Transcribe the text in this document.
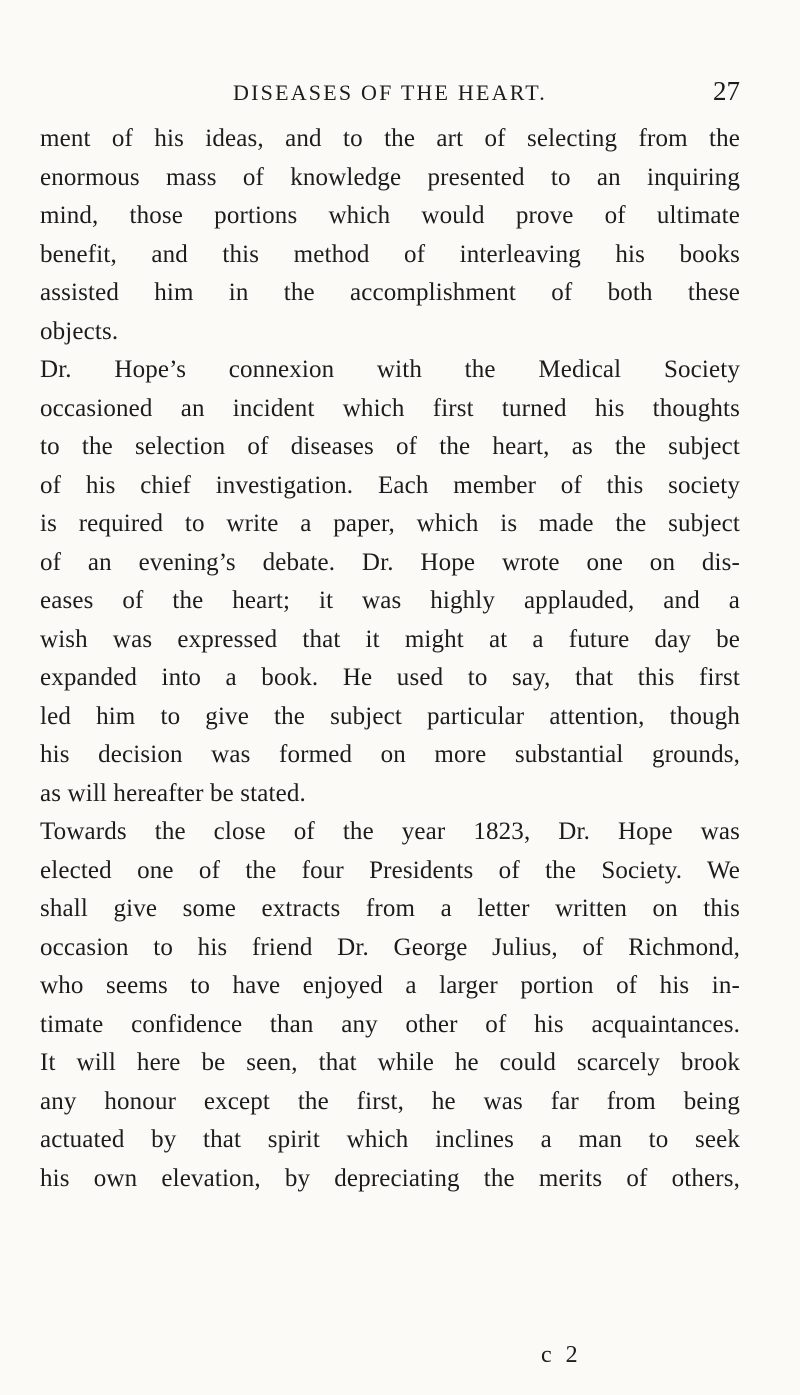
DISEASES OF THE HEART.	27
ment of his ideas, and to the art of selecting from the
enormous mass of knowledge presented to an inquiring
mind, those portions which would prove of ultimate
benefit, and this method of interleaving his books
assisted him in the accomplishment of both these
objects.
Dr. Hope’s connexion with the Medical Society
occasioned an incident which first turned his thoughts
to the selection of diseases of the heart, as the subject
of his chief investigation. Each member of this society
is required to write a paper, which is made the subject
of an evening’s debate. Dr. Hope wrote one on dis-
eases of the heart; it was highly applauded, and a
wish was expressed that it might at a future day be
expanded into a book. He used to say, that this first
led him to give the subject particular attention, though
his decision was formed on more substantial grounds,
as will hereafter be stated.
Towards the close of the year 1823, Dr. Hope was
elected one of the four Presidents of the Society. We
shall give some extracts from a letter written on this
occasion to his friend Dr. George Julius, of Richmond,
who seems to have enjoyed a larger portion of his in-
timate confidence than any other of his acquaintances.
It will here be seen, that while he could scarcely brook
any honour except the first, he was far from being
actuated by that spirit which inclines a man to seek
his own elevation, by depreciating the merits of others,
c 2
